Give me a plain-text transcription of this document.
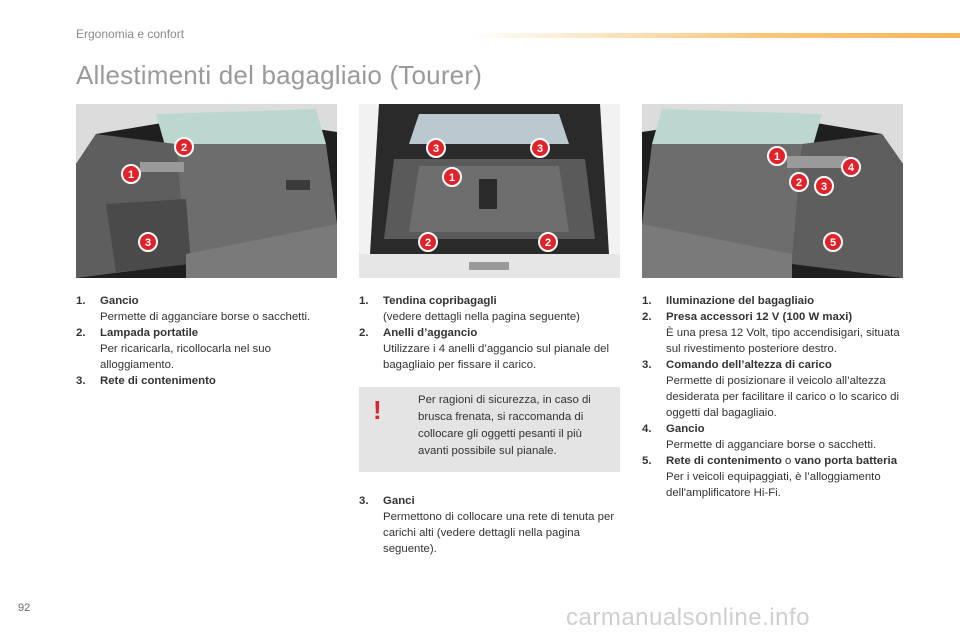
Ergonomia e confort
Allestimenti del bagagliaio (Tourer)
1
2
3
1
2	2
3	3
1
2 3
4
5
1. Gancio
Permette di agganciare borse o sacchetti.
2. Lampada portatile
Per ricaricarla, ricollocarla nel suo alloggiamento.
3. Rete di contenimento
1. Tendina copribagagli
(vedere dettagli nella pagina seguente)
2. Anelli d’aggancio
Utilizzare i 4 anelli d’aggancio sul pianale del bagagliaio per fissare il carico.
!	Per ragioni di sicurezza, in caso di brusca frenata, si raccomanda di collocare gli oggetti pesanti il più avanti possibile sul pianale.
3. Ganci
Permettono di collocare una rete di tenuta per carichi alti (vedere dettagli nella pagina seguente).
1. Iluminazione del bagagliaio
2. Presa accessori 12 V (100 W maxi)
È una presa 12 Volt, tipo accendisigari, situata sul rivestimento posteriore destro.
3. Comando dell’altezza di carico
Permette di posizionare il veicolo all’altezza desiderata per facilitare il carico o lo scarico di oggetti dal bagagliaio.
4. Gancio
Permette di agganciare borse o sacchetti.
5. Rete di contenimento o vano porta batteria
Per i veicoli equipaggiati, è l’alloggiamento dell'amplificatore Hi-Fi.
92	carmanualsonline.info
